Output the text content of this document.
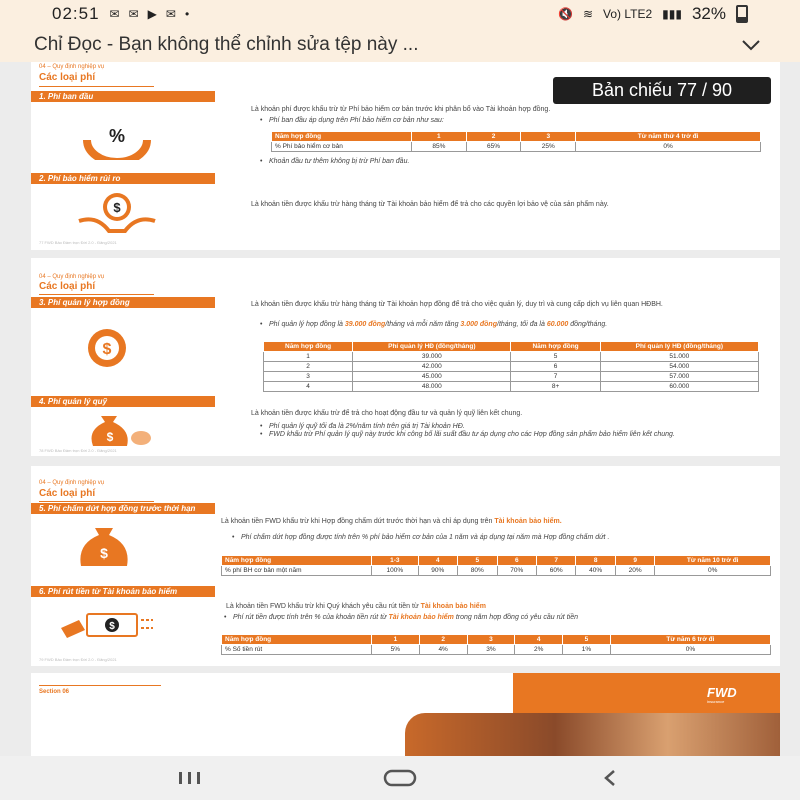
02:51 ✉ ✉ ▶ ✉ •	🔇 ≋ Vo) LTE2 ▮▮▮ 32%
Chỉ Đọc - Bạn không thể chỉnh sửa tệp này ...
Bản chiếu 77 / 90
04 – Quy định nghiệp vụ
Các loại phí
1. Phí ban đầu
%
Là khoản phí được khấu trừ từ Phí bảo hiểm cơ bản trước khi phân bổ vào Tài khoản hợp đồng.
• Phí ban đầu áp dụng trên Phí bảo hiểm cơ bản như sau:
Năm hợp đồng	1	2	3	Từ năm thứ 4 trở đi
% Phí bảo hiểm cơ bản	85%	65%	25%	0%
• Khoản đầu tư thêm không bị trừ Phí ban đầu.
2. Phí bảo hiểm rủi ro
$	Là khoản tiền được khấu trừ hàng tháng từ Tài khoản bảo hiểm để trả cho các quyền lợi bảo vệ của sản phẩm này.
77 FWD Bảo Đảm trọn Đời 2.0 - Đăng/2021
04 – Quy định nghiệp vụ
Các loại phí
3. Phí quản lý hợp đồng
$
Là khoản tiền được khấu trừ hàng tháng từ Tài khoản hợp đồng để trả cho việc quản lý, duy trì và cung cấp dịch vụ liên quan HĐBH.
• Phí quản lý hợp đồng là 39.000 đồng/tháng và mỗi năm tăng 3.000 đồng/tháng, tối đa là 60.000 đồng/tháng.
Năm hợp đồng	Phí quản lý HĐ (đồng/tháng)	Năm hợp đồng	Phí quản lý HĐ (đồng/tháng)
1	39.000	5	51.000
2	42.000	6	54.000
3	45.000	7	57.000
4	48.000	8+	60.000
4. Phí quản lý quỹ
$
Là khoản tiền được khấu trừ để trả cho hoạt động đầu tư và quản lý quỹ liên kết chung.
• Phí quản lý quỹ tối đa là 2%/năm tính trên giá trị Tài khoản HĐ.
• FWD khấu trừ Phí quản lý quỹ này trước khi công bố lãi suất đầu tư áp dụng cho các Hợp đồng sản phẩm bảo hiểm liên kết chung.
78 FWD Bảo Đảm trọn Đời 2.0 - Đăng/2021
04 – Quy định nghiệp vụ
Các loại phí
5. Phí chấm dứt hợp đồng trước thời hạn
$
Là khoản tiền FWD khấu trừ khi Hợp đồng chấm dứt trước thời hạn và chỉ áp dụng trên Tài khoản bảo hiểm.
• Phí chấm dứt hợp đồng được tính trên % phí bảo hiểm cơ bản của 1 năm và áp dụng tại năm mà Hợp đồng chấm dứt .
Năm hợp đồng	1-3	4	5	6	7	8	9	Từ năm 10 trở đi
% phí BH cơ bản một năm	100%	90%	80%	70%	60%	40%	20%	0%
6. Phí rút tiền từ Tài khoản bảo hiểm
$
Là khoản tiền FWD khấu trừ khi Quý khách yêu cầu rút tiền từ Tài khoản bảo hiểm
• Phí rút tiền được tính trên % của khoản tiền rút từ Tài khoản bảo hiểm trong năm hợp đồng có yêu cầu rút tiền
Năm hợp đồng	1	2	3	4	5	Từ năm 6 trở đi
% Số tiền rút	5%	4%	3%	2%	1%	0%
79 FWD Bảo Đảm trọn Đời 2.0 - Đăng/2021
Section 06	FWD
insurance
